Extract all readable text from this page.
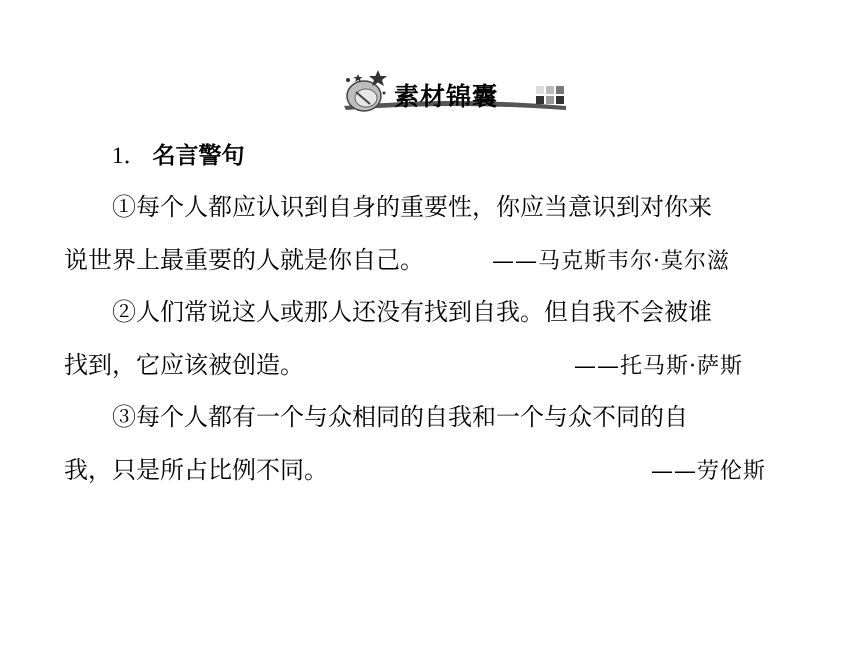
素材锦囊
1． 名言警句
①每个人都应认识到自身的重要性，你应当意识到对你来
说世界上最重要的人就是你自己。	——马克斯韦尔·莫尔滋
②人们常说这人或那人还没有找到自我。但自我不会被谁
找到，它应该被创造。	——托马斯·萨斯
③每个人都有一个与众相同的自我和一个与众不同的自
我，只是所占比例不同。	——劳伦斯
